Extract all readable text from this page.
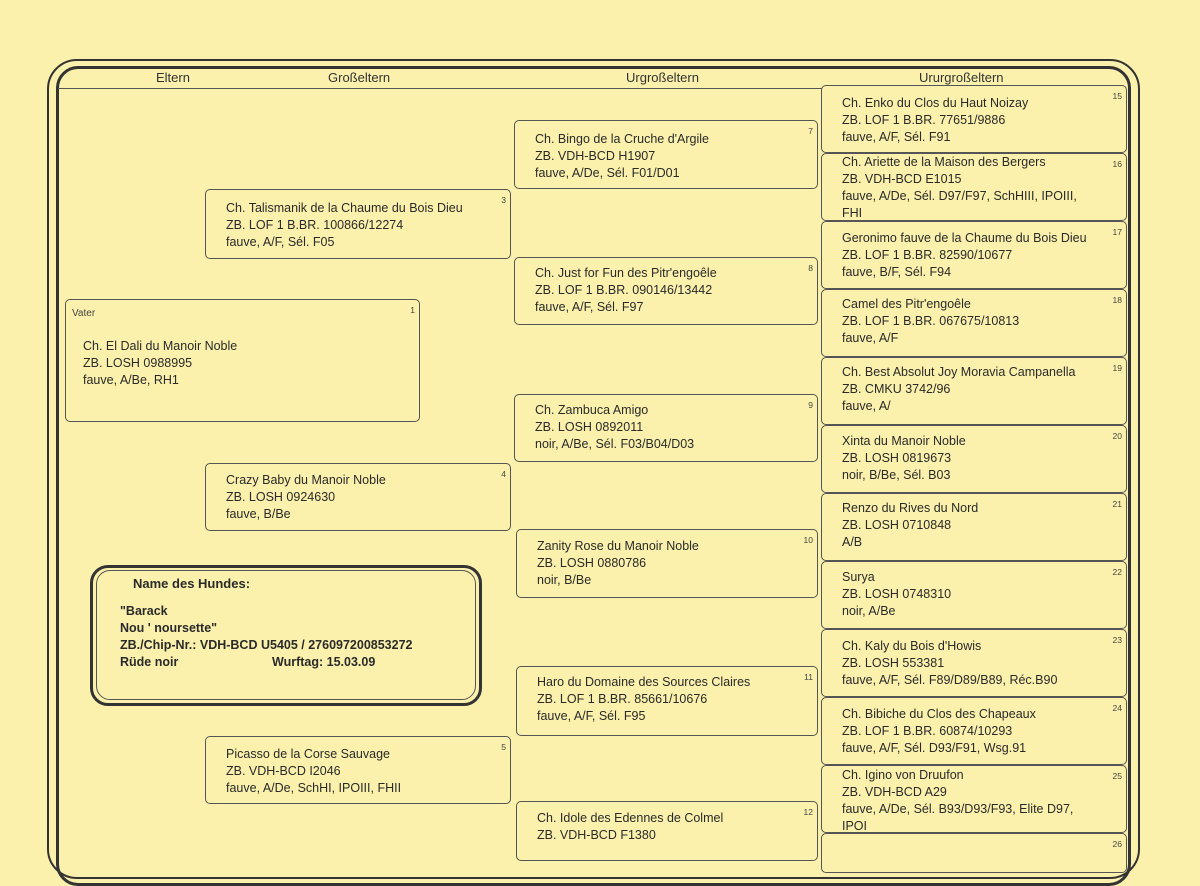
Eltern	Großeltern	Urgroßeltern	Ururgroßeltern
Vater	1
Ch. El Dali du Manoir Noble
ZB. LOSH 0988995
fauve, A/Be, RH1
3
Ch. Talismanik de la Chaume du Bois Dieu
ZB. LOF 1 B.BR. 100866/12274
fauve, A/F, Sél. F05
4
Crazy Baby du Manoir Noble
ZB. LOSH 0924630
fauve, B/Be
5
Picasso de la Corse Sauvage
ZB. VDH-BCD I2046
fauve, A/De, SchHI, IPOIII, FHII
7
Ch. Bingo de la Cruche d'Argile
ZB. VDH-BCD H1907
fauve, A/De, Sél. F01/D01
8
Ch. Just for Fun des Pitr'engoêle
ZB. LOF 1 B.BR. 090146/13442
fauve, A/F, Sél. F97
9
Ch. Zambuca Amigo
ZB. LOSH 0892011
noir, A/Be, Sél. F03/B04/D03
10
Zanity Rose du Manoir Noble
ZB. LOSH 0880786
noir, B/Be
11
Haro du Domaine des Sources Claires
ZB. LOF 1 B.BR. 85661/10676
fauve, A/F, Sél. F95
12
Ch. Idole des Edennes de Colmel
ZB. VDH-BCD F1380
15
Ch. Enko du Clos du Haut Noizay
ZB. LOF 1 B.BR. 77651/9886
fauve, A/F, Sél. F91
16
Ch. Ariette de la Maison des Bergers
ZB. VDH-BCD E1015
fauve, A/De, Sél. D97/F97, SchHIII, IPOIII,
FHI
17
Geronimo fauve de la Chaume du Bois Dieu
ZB. LOF 1 B.BR. 82590/10677
fauve, B/F, Sél. F94
18
Camel des Pitr'engoêle
ZB. LOF 1 B.BR. 067675/10813
fauve, A/F
19
Ch. Best Absolut Joy Moravia Campanella
ZB. CMKU 3742/96
fauve, A/
20
Xinta du Manoir Noble
ZB. LOSH 0819673
noir, B/Be, Sél. B03
21
Renzo du Rives du Nord
ZB. LOSH 0710848
A/B
22
Surya
ZB. LOSH 0748310
noir, A/Be
23
Ch. Kaly du Bois d'Howis
ZB. LOSH 553381
fauve, A/F, Sél. F89/D89/B89, Réc.B90
24
Ch. Bibiche du Clos des Chapeaux
ZB. LOF 1 B.BR. 60874/10293
fauve, A/F, Sél. D93/F91, Wsg.91
25
Ch. Igino von Druufon
ZB. VDH-BCD A29
fauve, A/De, Sél. B93/D93/F93, Elite D97,
IPOI
26
Name des Hundes:
"Barack
Nou ' noursette"
ZB./Chip-Nr.: VDH-BCD U5405 / 276097200853272
Rüde noir	Wurftag: 15.03.09
